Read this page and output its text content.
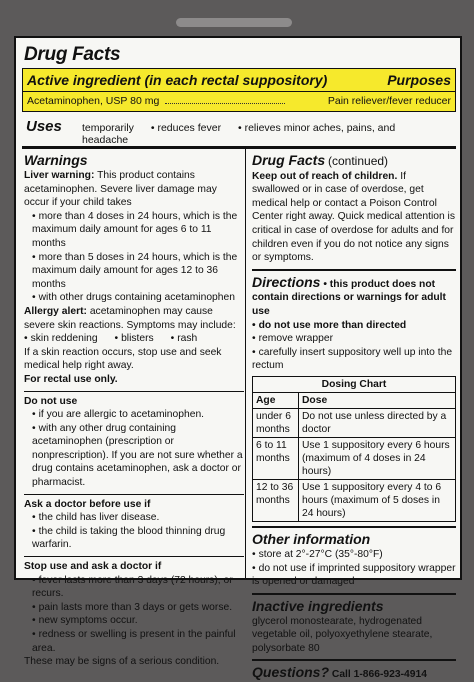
Drug Facts
Active ingredient (in each rectal suppository)	Purposes
Acetaminophen, USP 80 mg	Pain reliever/fever reducer
Uses temporarily • reduces fever • relieves minor aches, pains, and headache
Warnings
Liver warning: This product contains acetaminophen. Severe liver damage may occur if your child takes
• more than 4 doses in 24 hours, which is the maximum daily amount for ages 6 to 11 months
• more than 5 doses in 24 hours, which is the maximum daily amount for ages 12 to 36 months
• with other drugs containing acetaminophen
Allergy alert: acetaminophen may cause severe skin reactions. Symptoms may include:
• skin reddening • blisters • rash
If a skin reaction occurs, stop use and seek medical help right away.
For rectal use only.
Do not use
• if you are allergic to acetaminophen.
• with any other drug containing acetaminophen (prescription or nonprescription). If you are not sure whether a drug contains acetaminophen, ask a doctor or pharmacist.
Ask a doctor before use if
• the child has liver disease.
• the child is taking the blood thinning drug warfarin.
Stop use and ask a doctor if
• fever lasts more than 3 days (72 hours), or recurs.
• pain lasts more than 3 days or gets worse.
• new symptoms occur.
• redness or swelling is present in the painful area.
These may be signs of a serious condition.
Drug Facts (continued)
Keep out of reach of children. If swallowed or in case of overdose, get medical help or contact a Poison Control Center right away. Quick medical attention is critical in case of overdose for adults and for children even if you do not notice any signs or symptoms.
Directions • this product does not contain directions or warnings for adult use
• do not use more than directed
• remove wrapper
• carefully insert suppository well up into the rectum
Dosing Chart	
Age	Dose
under 6 months	Do not use unless directed by a doctor
6 to 11 months	Use 1 suppository every 6 hours (maximum of 4 doses in 24 hours)
12 to 36 months	Use 1 suppository every 4 to 6 hours (maximum of 5 doses in 24 hours)
Other information
• store at 2°-27°C (35°-80°F)
• do not use if imprinted suppository wrapper is opened or damaged
Inactive ingredients
glycerol monostearate, hydrogenated vegetable oil, polyoxyethylene stearate, polysorbate 80
Questions? Call 1-866-923-4914
